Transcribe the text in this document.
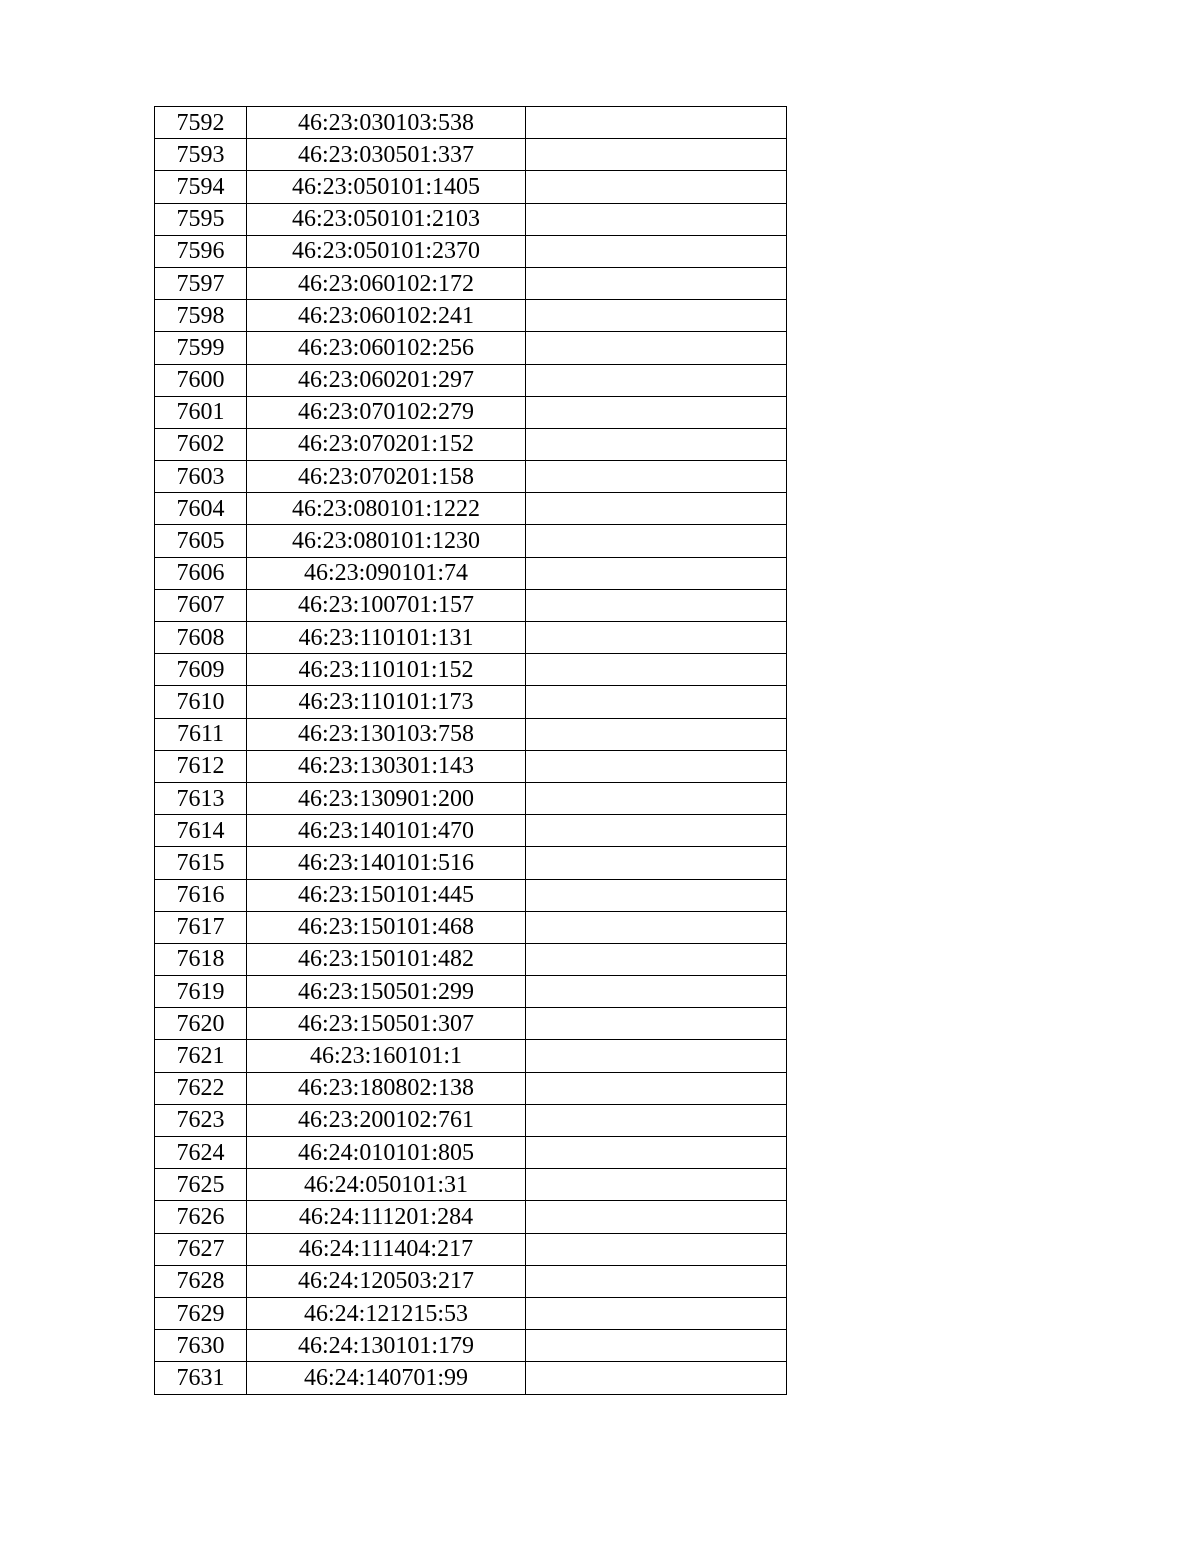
7592	46:23:030103:538	
7593	46:23:030501:337	
7594	46:23:050101:1405	
7595	46:23:050101:2103	
7596	46:23:050101:2370	
7597	46:23:060102:172	
7598	46:23:060102:241	
7599	46:23:060102:256	
7600	46:23:060201:297	
7601	46:23:070102:279	
7602	46:23:070201:152	
7603	46:23:070201:158	
7604	46:23:080101:1222	
7605	46:23:080101:1230	
7606	46:23:090101:74	
7607	46:23:100701:157	
7608	46:23:110101:131	
7609	46:23:110101:152	
7610	46:23:110101:173	
7611	46:23:130103:758	
7612	46:23:130301:143	
7613	46:23:130901:200	
7614	46:23:140101:470	
7615	46:23:140101:516	
7616	46:23:150101:445	
7617	46:23:150101:468	
7618	46:23:150101:482	
7619	46:23:150501:299	
7620	46:23:150501:307	
7621	46:23:160101:1	
7622	46:23:180802:138	
7623	46:23:200102:761	
7624	46:24:010101:805	
7625	46:24:050101:31	
7626	46:24:111201:284	
7627	46:24:111404:217	
7628	46:24:120503:217	
7629	46:24:121215:53	
7630	46:24:130101:179	
7631	46:24:140701:99	
